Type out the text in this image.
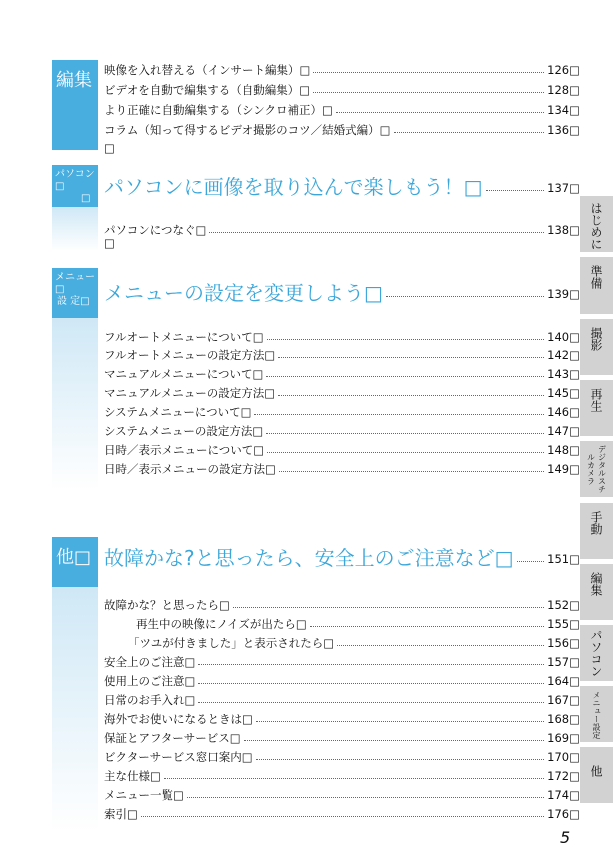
編集	映像を入れ替える（インサート編集）□	126□
ビデオを自動で編集する（自動編集）□	128□
より正確に自動編集する（シンクロ補正）□	134□
コラム（知って得するビデオ撮影のコツ／結婚式編）□	136□
□
パソコン□
□ パソコンに画像を取り込んで楽しもう！□	137□
パソコンにつなぐ□	138□
□
メニュー□
設 定□ メニューの設定を変更しよう□	139□
フルオートメニューについて□	140□
フルオートメニューの設定方法□	142□
マニュアルメニューについて□	143□
マニュアルメニューの設定方法□	145□
システムメニューについて□	146□
システムメニューの設定方法□	147□
日時／表示メニューについて□	148□
日時／表示メニューの設定方法□	149□
他□ 故障かな?と思ったら、安全上のご注意など□	151□
故障かな？と思ったら□	152□
再生中の映像にノイズが出たら□	155□
「ツユが付きました」と表示されたら□	156□
安全上のご注意□	157□
使用上のご注意□	164□
日常のお手入れ□	167□
海外でお使いになるときは□	168□
保証とアフターサービス□	169□
ビクターサービス窓口案内□	170□
主な仕様□	172□
メニュー一覧□	174□
索引□	176□
はじめに
準備
撮影
再生
デジタルスチルカメラ
手動
編集
パソコン
メニュー設定
他
5
